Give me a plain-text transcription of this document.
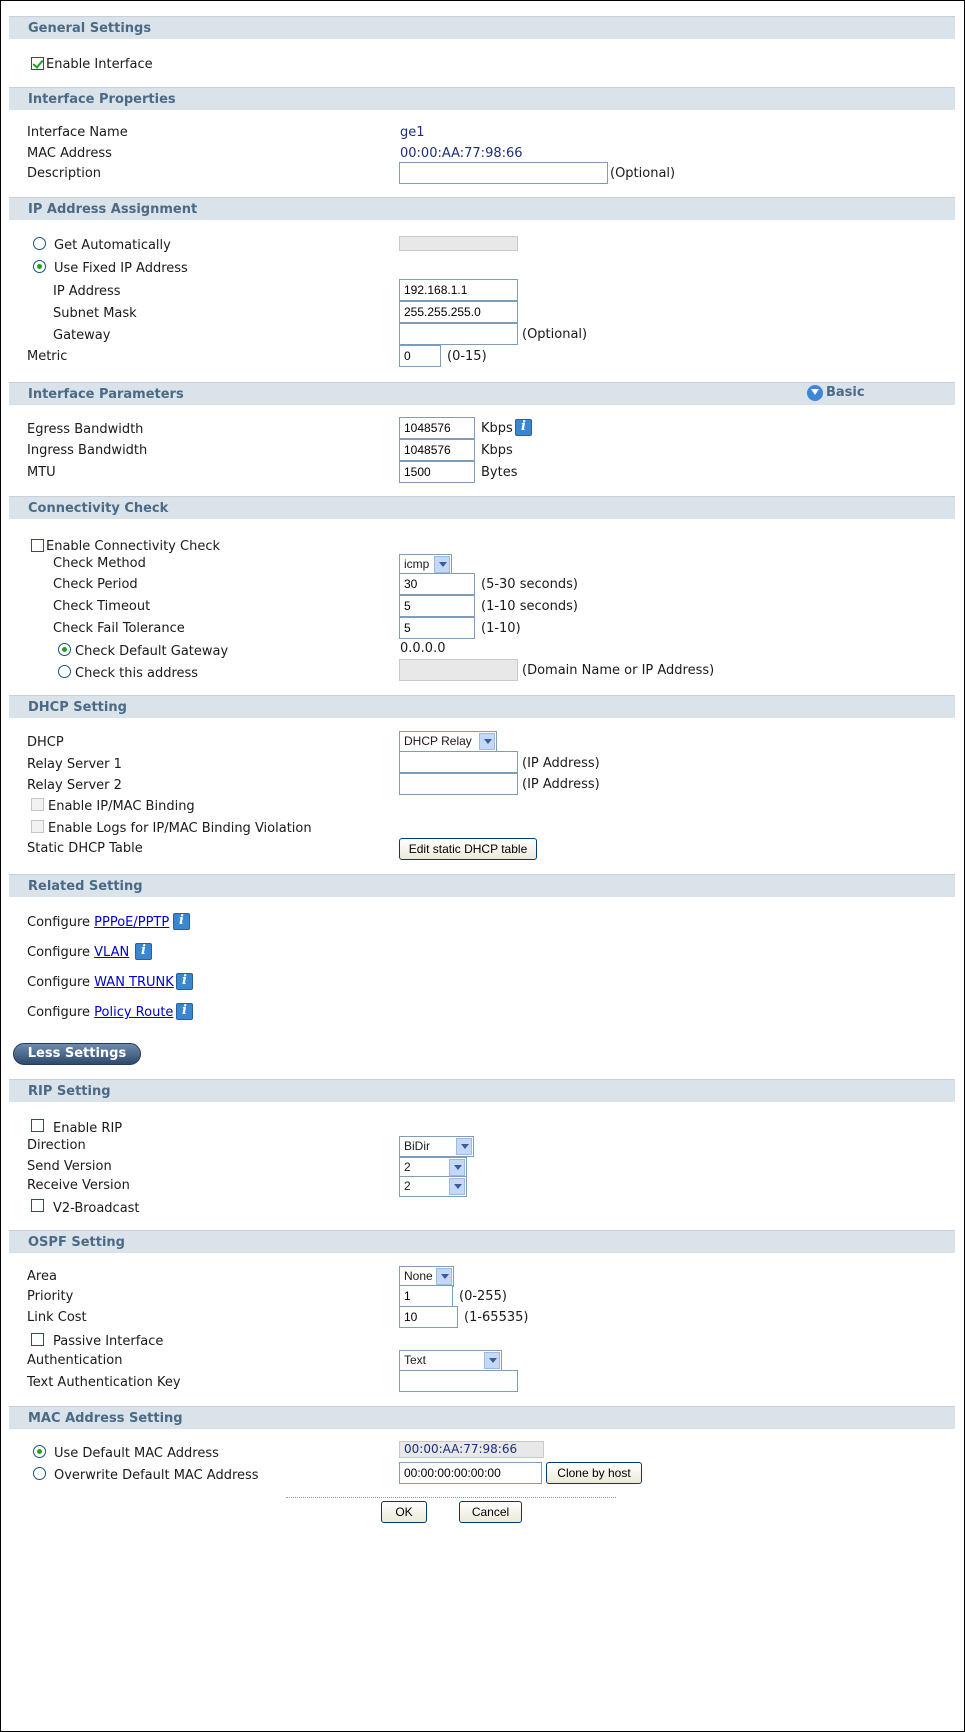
General Settings
Enable Interface
Interface Properties
Interface Name	ge1
MAC Address	00:00:AA:77:98:66
Description	(Optional)
IP Address Assignment
Get Automatically
Use Fixed IP Address
IP Address	192.168.1.1
Subnet Mask	255.255.255.0
Gateway	(Optional)
Metric	0	(0-15)
Interface Parameters	Basic
Egress Bandwidth	1048576	Kbps
i
Ingress Bandwidth	1048576	Kbps
MTU	1500	Bytes
Connectivity Check
Enable Connectivity Check
Check Method	icmp
Check Period	30	(5-30 seconds)
Check Timeout	5	(1-10 seconds)
Check Fail Tolerance	5	(1-10)
Check Default Gateway	0.0.0.0
Check this address	(Domain Name or IP Address)
DHCP Setting
DHCP	DHCP Relay
Relay Server 1	(IP Address)
Relay Server 2	(IP Address)
Enable IP/MAC Binding
Enable Logs for IP/MAC Binding Violation
Static DHCP Table	Edit static DHCP table
Related Setting
Configure PPPoE/PPTP
i
Configure VLAN
i
Configure WAN TRUNK
i
Configure Policy Route
i
Less Settings
RIP Setting
Enable RIP
Direction	BiDir
Send Version	2
Receive Version	2
V2-Broadcast
OSPF Setting
Area	None
Priority	1	(0-255)
Link Cost	10	(1-65535)
Passive Interface
Authentication	Text
Text Authentication Key
MAC Address Setting
Use Default MAC Address	00:00:AA:77:98:66
Overwrite Default MAC Address	00:00:00:00:00:00	Clone by host
OK	Cancel
